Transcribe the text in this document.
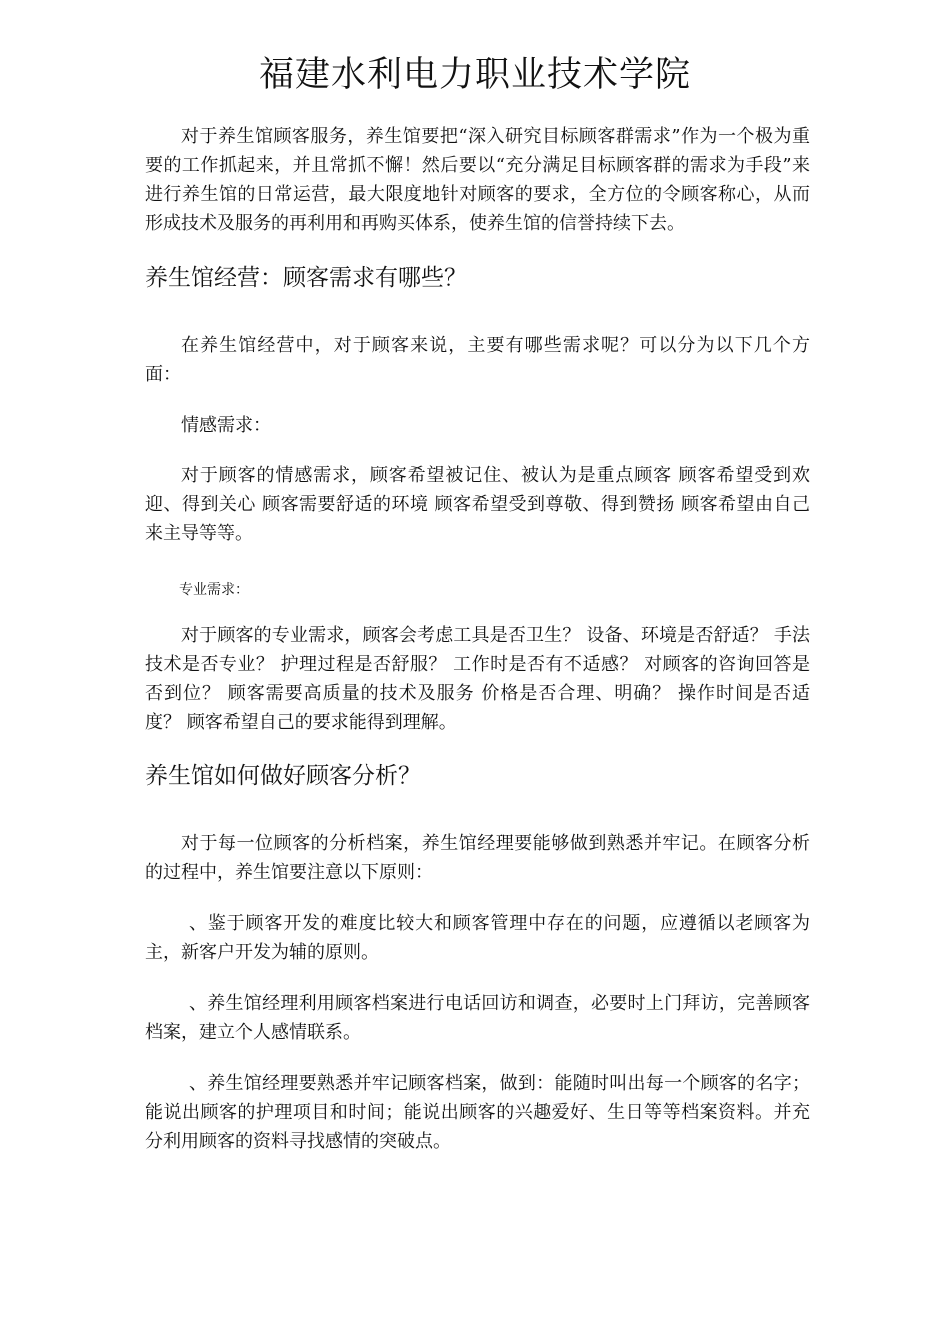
福建水利电力职业技术学院

对于养生馆顾客服务，养生馆要把“深入研究目标顾客群需求”作为一个极为重要的工作抓起来，并且常抓不懈！然后要以“充分满足目标顾客群的需求为手段”来进行养生馆的日常运营，最大限度地针对顾客的要求，全方位的令顾客称心，从而形成技术及服务的再利用和再购买体系，使养生馆的信誉持续下去。

养生馆经营：顾客需求有哪些？

在养生馆经营中，对于顾客来说，主要有哪些需求呢？可以分为以下几个方面：

情感需求：

对于顾客的情感需求，顾客希望被记住、被认为是重点顾客 顾客希望受到欢迎、得到关心 顾客需要舒适的环境 顾客希望受到尊敬、得到赞扬 顾客希望由自己来主导等等。

专业需求：

对于顾客的专业需求，顾客会考虑工具是否卫生？ 设备、环境是否舒适？ 手法技术是否专业？ 护理过程是否舒服？ 工作时是否有不适感？ 对顾客的咨询回答是否到位？ 顾客需要高质量的技术及服务 价格是否合理、明确？ 操作时间是否适度？ 顾客希望自己的要求能得到理解。

养生馆如何做好顾客分析？

对于每一位顾客的分析档案，养生馆经理要能够做到熟悉并牢记。在顾客分析的过程中，养生馆要注意以下原则：

、鉴于顾客开发的难度比较大和顾客管理中存在的问题，应遵循以老顾客为主，新客户开发为辅的原则。

、养生馆经理利用顾客档案进行电话回访和调查，必要时上门拜访，完善顾客档案，建立个人感情联系。

、养生馆经理要熟悉并牢记顾客档案，做到：能随时叫出每一个顾客的名字；能说出顾客的护理项目和时间；能说出顾客的兴趣爱好、生日等等档案资料。并充分利用顾客的资料寻找感情的突破点。
